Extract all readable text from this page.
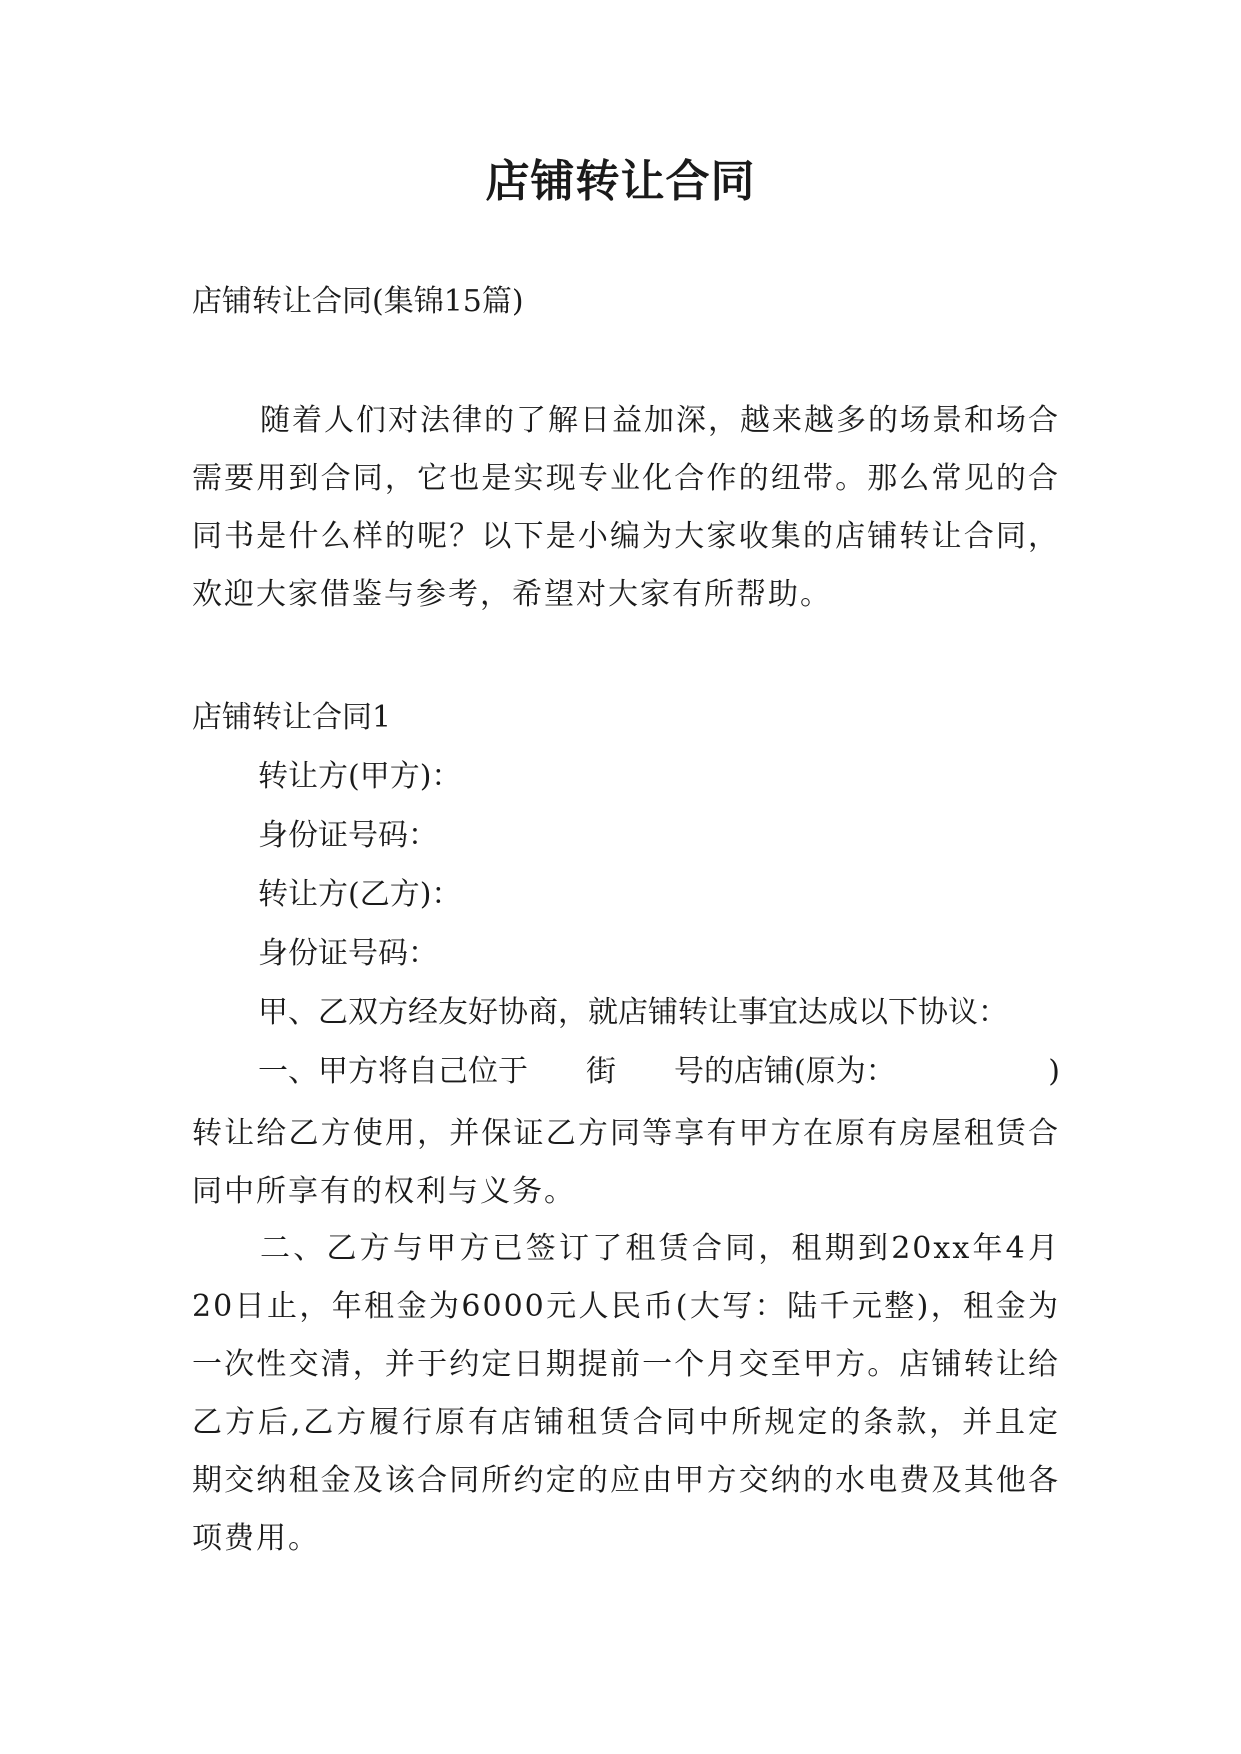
店铺转让合同
店铺转让合同(集锦15篇)
随着人们对法律的了解日益加深，越来越多的场景和场合需要用到合同，它也是实现专业化合作的纽带。那么常见的合同书是什么样的呢？以下是小编为大家收集的店铺转让合同，欢迎大家借鉴与参考，希望对大家有所帮助。
店铺转让合同1
转让方(甲方)：
身份证号码：
转让方(乙方)：
身份证号码：
甲、乙双方经友好协商，就店铺转让事宜达成以下协议：
一、甲方将自己位于 街 号的店铺(原为：	)
转让给乙方使用，并保证乙方同等享有甲方在原有房屋租赁合同中所享有的权利与义务。
二、乙方与甲方已签订了租赁合同，租期到20xx年4月20日止，年租金为6000元人民币(大写：陆千元整)，租金为一次性交清，并于约定日期提前一个月交至甲方。店铺转让给乙方后,乙方履行原有店铺租赁合同中所规定的条款，并且定期交纳租金及该合同所约定的应由甲方交纳的水电费及其他各项费用。
